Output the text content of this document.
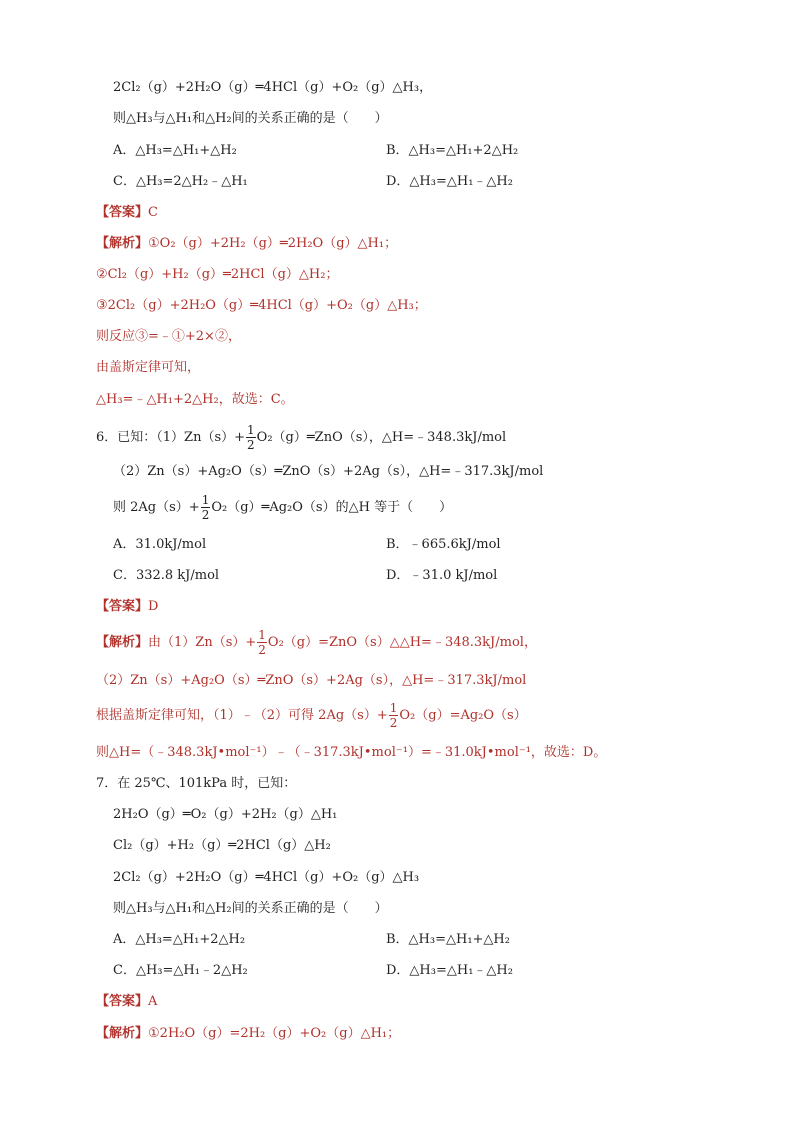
2Cl₂（g）+2H₂O（g）═4HCl（g）+O₂（g）△H₃，
则△H₃与△H₁和△H₂间的关系正确的是（　　）
A．△H₃=△H₁+△H₂	B．△H₃=△H₁+2△H₂
C．△H₃=2△H₂﹣△H₁	D．△H₃=△H₁﹣△H₂
【答案】C
【解析】①O₂（g）+2H₂（g）═2H₂O（g）△H₁；
②Cl₂（g）+H₂（g）═2HCl（g）△H₂；
③2Cl₂（g）+2H₂O（g）═4HCl（g）+O₂（g）△H₃；
则反应③=﹣①+2×②，
由盖斯定律可知，
△H₃=﹣△H₁+2△H₂，故选：C。
6．已知：$(1)Zn(s)+ \frac{1}{2}$ O₂（g）═ZnO（s），△H=﹣348.3kJ/mol
（2）Zn（s）+Ag₂O（s）═ZnO（s）+2Ag（s），△H=﹣317.3kJ/mol
则 $2Ag(s)+ \frac{1}{2}$ O₂（g）═Ag₂O（s）的△H 等于（　　）
A．31.0kJ/mol	B．﹣665.6kJ/mol
C．332.8 kJ/mol	D．﹣31.0 kJ/mol
【答案】D
【解析】由$(1)Zn(s)+ \frac{1}{2}$ O₂（g）=ZnO（s）△△H=﹣348.3kJ/mol，
（2）Zn（s）+Ag₂O（s）═ZnO（s）+2Ag（s），△H=﹣317.3kJ/mol
根据盖斯定律可知，（1）﹣（2）可得 $2Ag(s)+ \frac{1}{2} O_2(g)=Ag_2O(s)$
则△H=（﹣348.3kJ•mol⁻¹）﹣（﹣317.3kJ•mol⁻¹）=﹣31.0kJ•mol⁻¹，故选：D。
7．在 25℃、101kPa 时，已知：
2H₂O（g）═O₂（g）+2H₂（g）△H₁
Cl₂（g）+H₂（g）═2HCl（g）△H₂
2Cl₂（g）+2H₂O（g）═4HCl（g）+O₂（g）△H₃
则△H₃与△H₁和△H₂间的关系正确的是（　　）
A．△H₃=△H₁+2△H₂	B．△H₃=△H₁+△H₂
C．△H₃=△H₁﹣2△H₂	D．△H₃=△H₁﹣△H₂
【答案】A
【解析】①2H₂O（g）=2H₂（g）+O₂（g）△H₁；
